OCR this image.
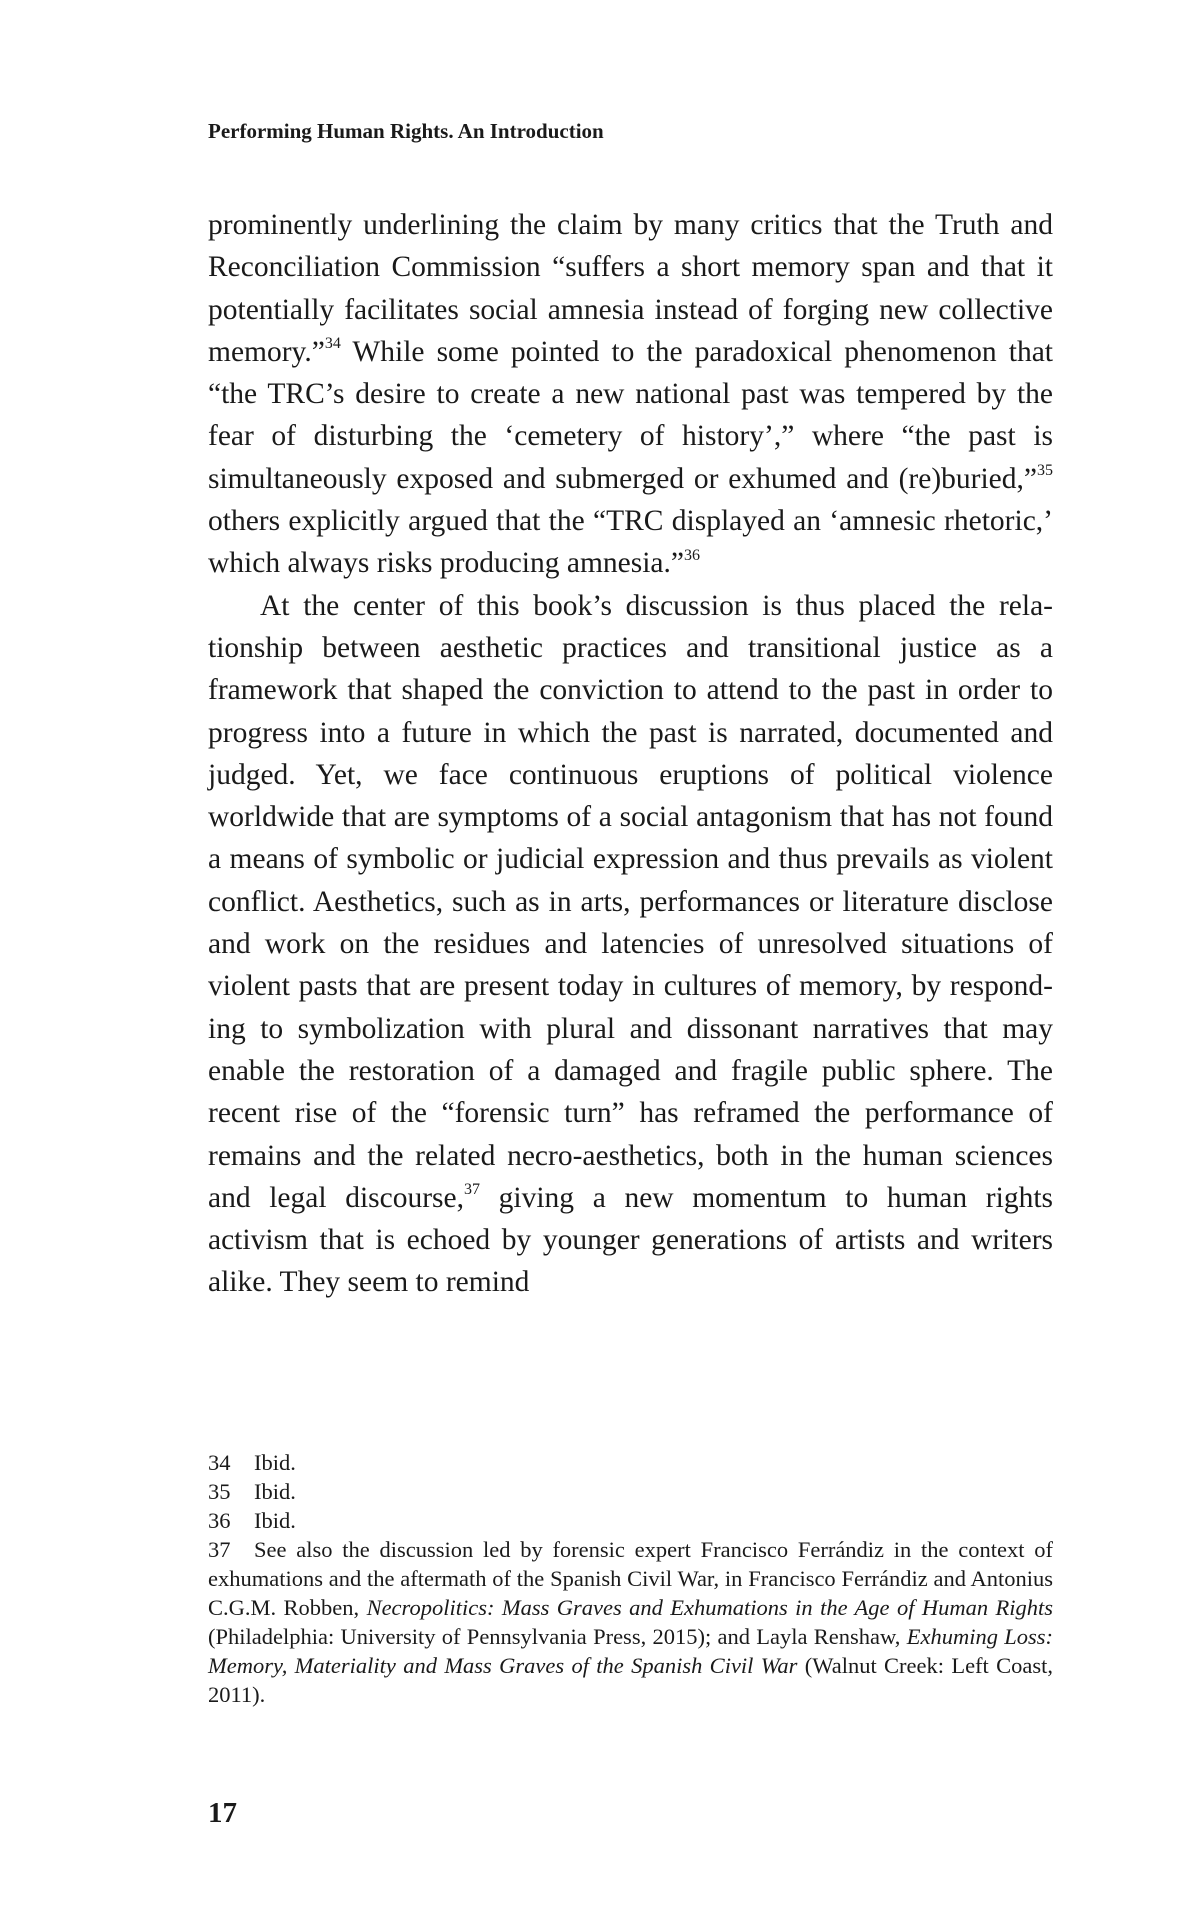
Performing Human Rights. An Introduction

prominently underlining the claim by many critics that the Truth and Reconciliation Commission “suffers a short memory span and that it potentially facilitates social amnesia instead of forging new collective memory.”$^{34}$ While some pointed to the paradoxical phenomenon that “the TRC’s desire to create a new national past was tempered by the fear of disturbing the ‘cemetery of history’,” where “the past is simultaneously exposed and submerged or exhumed and (re)buried,”$^{35}$ others explicitly argued that the “TRC displayed an ‘amnesic rhetoric,’ which always risks producing amnesia.”$^{36}$

At the center of this book’s discussion is thus placed the relationship between aesthetic practices and transitional justice as a framework that shaped the conviction to attend to the past in order to progress into a future in which the past is narrated, documented and judged. Yet, we face continuous eruptions of political violence worldwide that are symptoms of a social antagonism that has not found a means of symbolic or judicial expression and thus prevails as violent conflict. Aesthetics, such as in arts, performances or literature disclose and work on the residues and latencies of unresolved situations of violent pasts that are present today in cultures of memory, by responding to symbolization with plural and dissonant narratives that may enable the restoration of a damaged and fragile public sphere. The recent rise of the “forensic turn” has reframed the performance of remains and the related necro-aesthetics, both in the human sciences and legal discourse,$^{37}$ giving a new momentum to human rights activism that is echoed by younger generations of artists and writers alike. They seem to remind

34 Ibid.

35 Ibid.

36 Ibid.

37 See also the discussion led by forensic expert Francisco Ferrándiz in the context of exhumations and the aftermath of the Spanish Civil War, in Francisco Ferrándiz and Antonius C.G.M. Robben, Necropolitics: Mass Graves and Exhumations in the Age of Human Rights (Philadelphia: University of Pennsylvania Press, 2015); and Layla Renshaw, Exhuming Loss: Memory, Materiality and Mass Graves of the Spanish Civil War (Walnut Creek: Left Coast, 2011).

17
